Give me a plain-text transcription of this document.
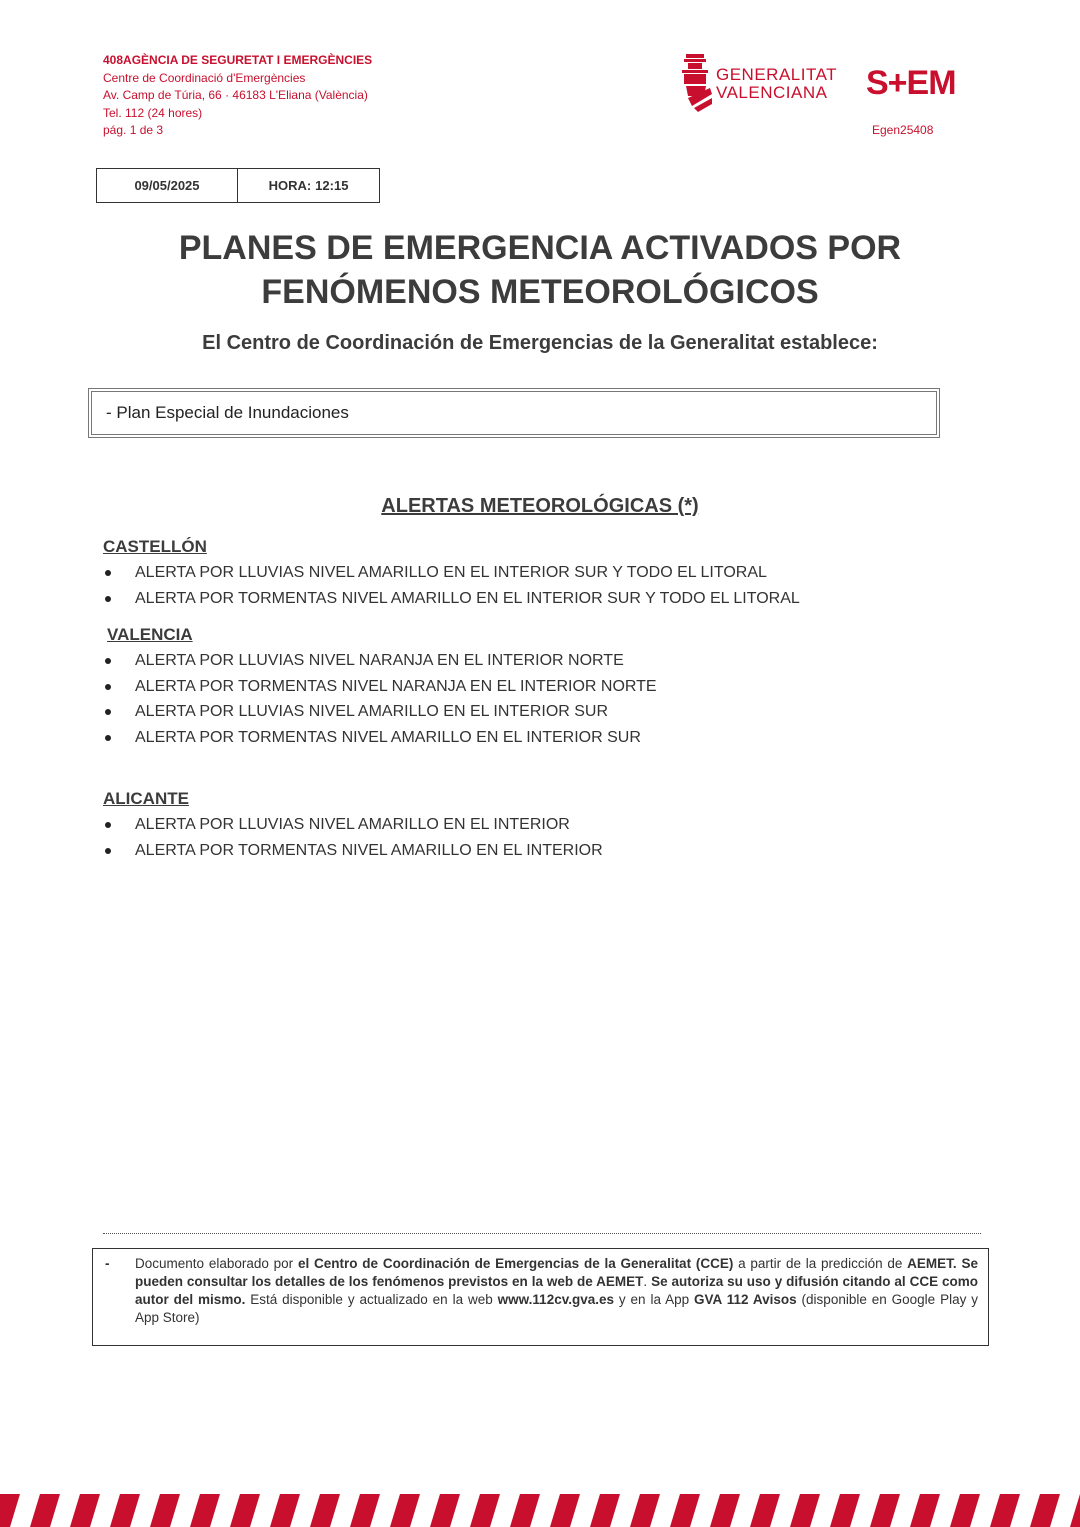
408AGÈNCIA DE SEGURETAT I EMERGÈNCIES
Centre de Coordinació d'Emergències
Av. Camp de Túria, 66 · 46183 L'Eliana (València)
Tel. 112 (24 hores)
pág. 1 de 3
GENERALITAT
VALENCIANA S+EM
Egen25408
09/05/2025	HORA: 12:15
PLANES DE EMERGENCIA ACTIVADOS POR
FENÓMENOS METEOROLÓGICOS
El Centro de Coordinación de Emergencias de la Generalitat establece:
- Plan Especial de Inundaciones
ALERTAS METEOROLÓGICAS (*)
CASTELLÓN
ALERTA POR LLUVIAS NIVEL AMARILLO EN EL INTERIOR SUR Y TODO EL LITORAL
ALERTA POR TORMENTAS NIVEL AMARILLO EN EL INTERIOR SUR Y TODO EL LITORAL
VALENCIA
ALERTA POR LLUVIAS NIVEL NARANJA EN EL INTERIOR NORTE
ALERTA POR TORMENTAS NIVEL NARANJA EN EL INTERIOR NORTE
ALERTA POR LLUVIAS NIVEL AMARILLO EN EL INTERIOR SUR
ALERTA POR TORMENTAS NIVEL AMARILLO EN EL INTERIOR SUR
ALICANTE
ALERTA POR LLUVIAS NIVEL AMARILLO EN EL INTERIOR
ALERTA POR TORMENTAS NIVEL AMARILLO EN EL INTERIOR
- Documento elaborado por el Centro de Coordinación de Emergencias de la Generalitat (CCE) a partir de la predicción de AEMET. Se pueden consultar los detalles de los fenómenos previstos en la web de AEMET. Se autoriza su uso y difusión citando al CCE como autor del mismo. Está disponible y actualizado en la web www.112cv.gva.es y en la App GVA 112 Avisos (disponible en Google Play y App Store)
